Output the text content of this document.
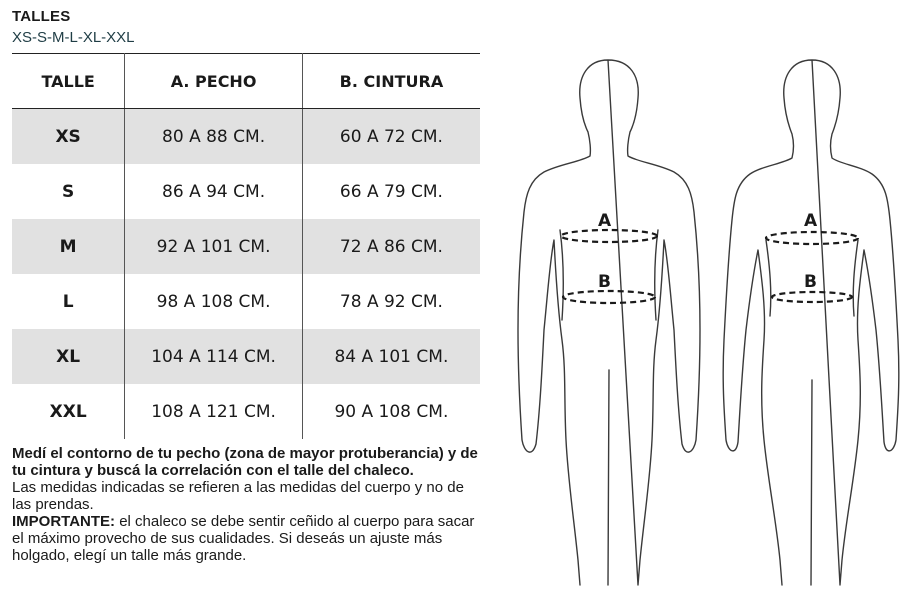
TALLES
XS-S-M-L-XL-XXL
TALLE	A. PECHO	B. CINTURA
XS	80 A 88 CM.	60 A 72 CM.
S	86 A 94 CM.	66 A 79 CM.
M	92 A 101 CM.	72 A 86 CM.
L	98 A 108 CM.	78 A 92 CM.
XL	104 A 114 CM.	84 A 101 CM.
XXL	108 A 121 CM.	90 A 108 CM.
Medí el contorno de tu pecho (zona de mayor protuberancia) y de tu cintura y buscá la correlación con el talle del chaleco.
Las medidas indicadas se refieren a las medidas del cuerpo y no de las prendas.
IMPORTANTE: el chaleco se debe sentir ceñido al cuerpo para sacar el máximo provecho de sus cualidades. Si deseás un ajuste más holgado, elegí un talle más grande.
A
B
A
B
